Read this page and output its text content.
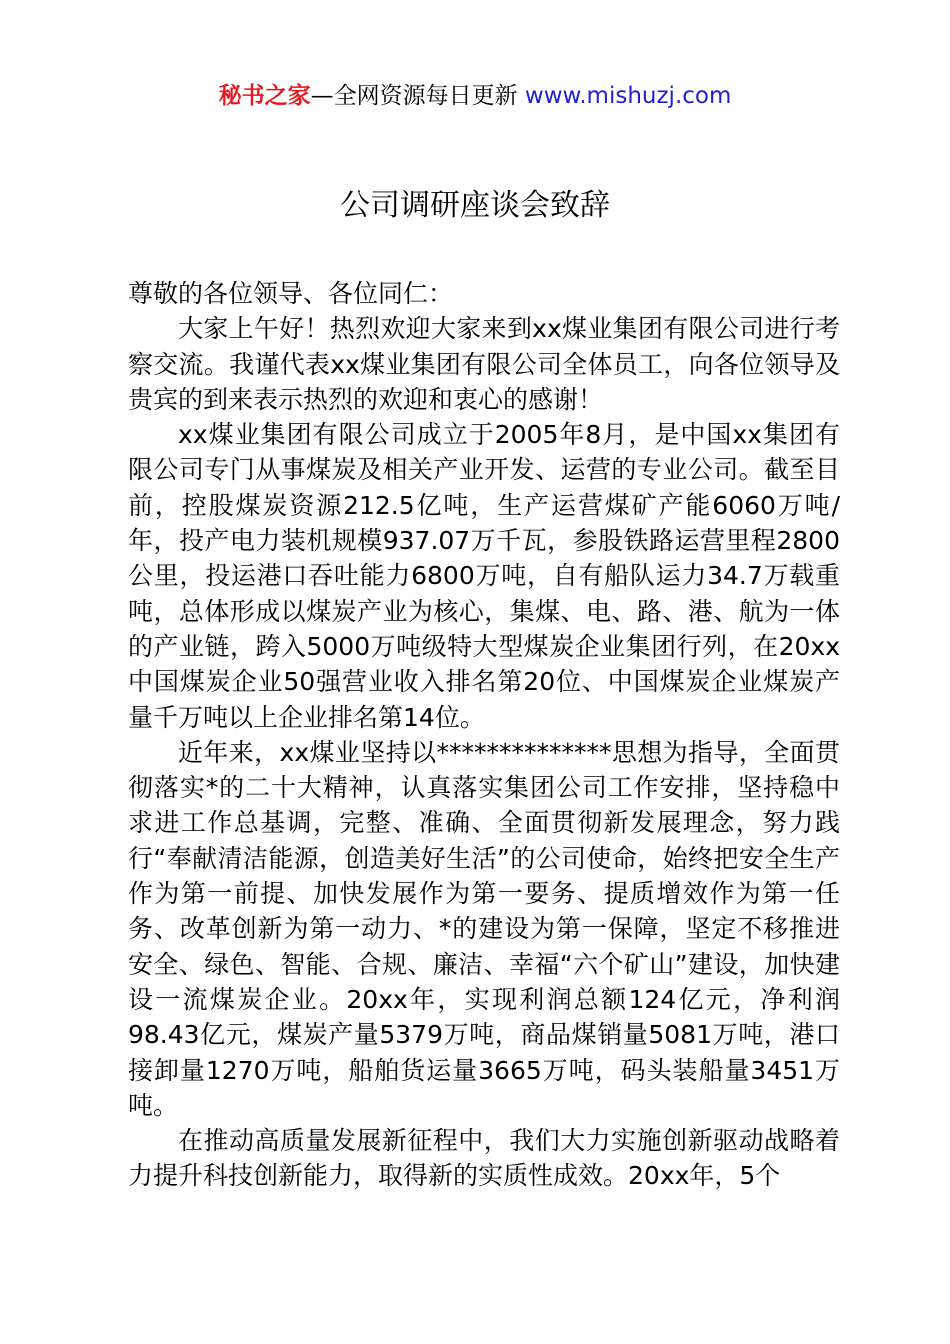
秘书之家—全网资源每日更新 www.mishuzj.com
公司调研座谈会致辞

尊敬的各位领导、各位同仁：

大家上午好！热烈欢迎大家来到xx煤业集团有限公司进行考察交流。我谨代表xx煤业集团有限公司全体员工，向各位领导及贵宾的到来表示热烈的欢迎和衷心的感谢！

xx煤业集团有限公司成立于2005年8月，是中国xx集团有限公司专门从事煤炭及相关产业开发、运营的专业公司。截至目前，控股煤炭资源212.5亿吨，生产运营煤矿产能6060万吨/年，投产电力装机规模937.07万千瓦，参股铁路运营里程2800公里，投运港口吞吐能力6800万吨，自有船队运力34.7万载重吨，总体形成以煤炭产业为核心，集煤、电、路、港、航为一体的产业链，跨入5000万吨级特大型煤炭企业集团行列，在20xx中国煤炭企业50强营业收入排名第20位、中国煤炭企业煤炭产量千万吨以上企业排名第14位。

近年来，xx煤业坚持以**************思想为指导，全面贯彻落实*的二十大精神，认真落实集团公司工作安排，坚持稳中求进工作总基调，完整、准确、全面贯彻新发展理念，努力践行“奉献清洁能源，创造美好生活”的公司使命，始终把安全生产作为第一前提、加快发展作为第一要务、提质增效作为第一任务、改革创新为第一动力、*的建设为第一保障，坚定不移推进安全、绿色、智能、合规、廉洁、幸福“六个矿山”建设，加快建设一流煤炭企业。20xx年，实现利润总额124亿元，净利润98.43亿元，煤炭产量5379万吨，商品煤销量5081万吨，港口接卸量1270万吨，船舶货运量3665万吨，码头装船量3451万吨。

在推动高质量发展新征程中，我们大力实施创新驱动战略着力提升科技创新能力，取得新的实质性成效。20xx年，5个
